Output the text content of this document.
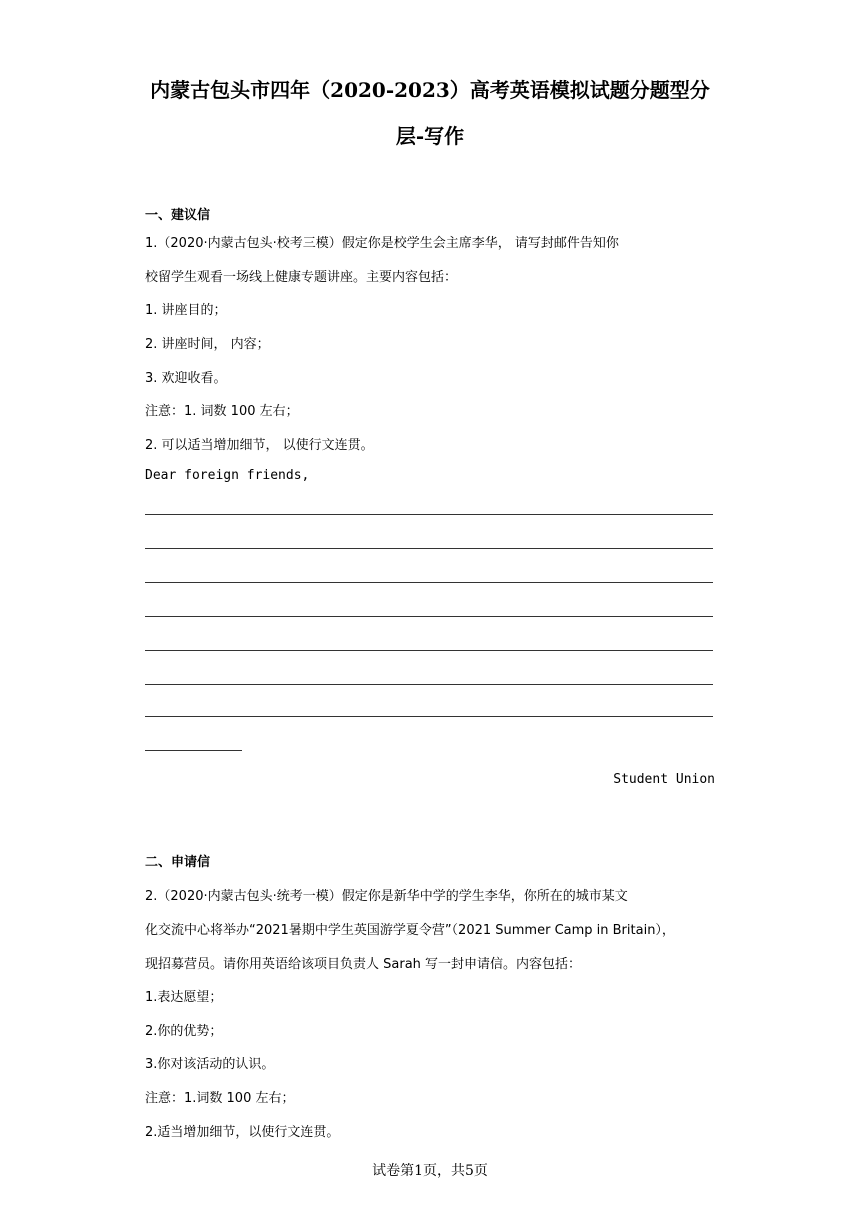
内蒙古包头市四年（2020-2023）高考英语模拟试题分题型分
层-写作
一、建议信
1.（2020·内蒙古包头·校考三模）假定你是校学生会主席李华， 请写封邮件告知你
校留学生观看一场线上健康专题讲座。主要内容包括：
1. 讲座目的；
2. 讲座时间， 内容；
3. 欢迎收看。
注意：1. 词数 100 左右；
2. 可以适当增加细节， 以使行文连贯。
Dear foreign friends,
Student Union
二、申请信
2.（2020·内蒙古包头·统考一模）假定你是新华中学的学生李华，你所在的城市某文
化交流中心将举办“2021暑期中学生英国游学夏令营”（2021 Summer Camp in Britain），
现招募营员。请你用英语给该项目负责人 Sarah 写一封申请信。内容包括：
1.表达愿望；
2.你的优势；
3.你对该活动的认识。
注意：1.词数 100 左右；
2.适当增加细节，以使行文连贯。
试卷第1页，共5页
